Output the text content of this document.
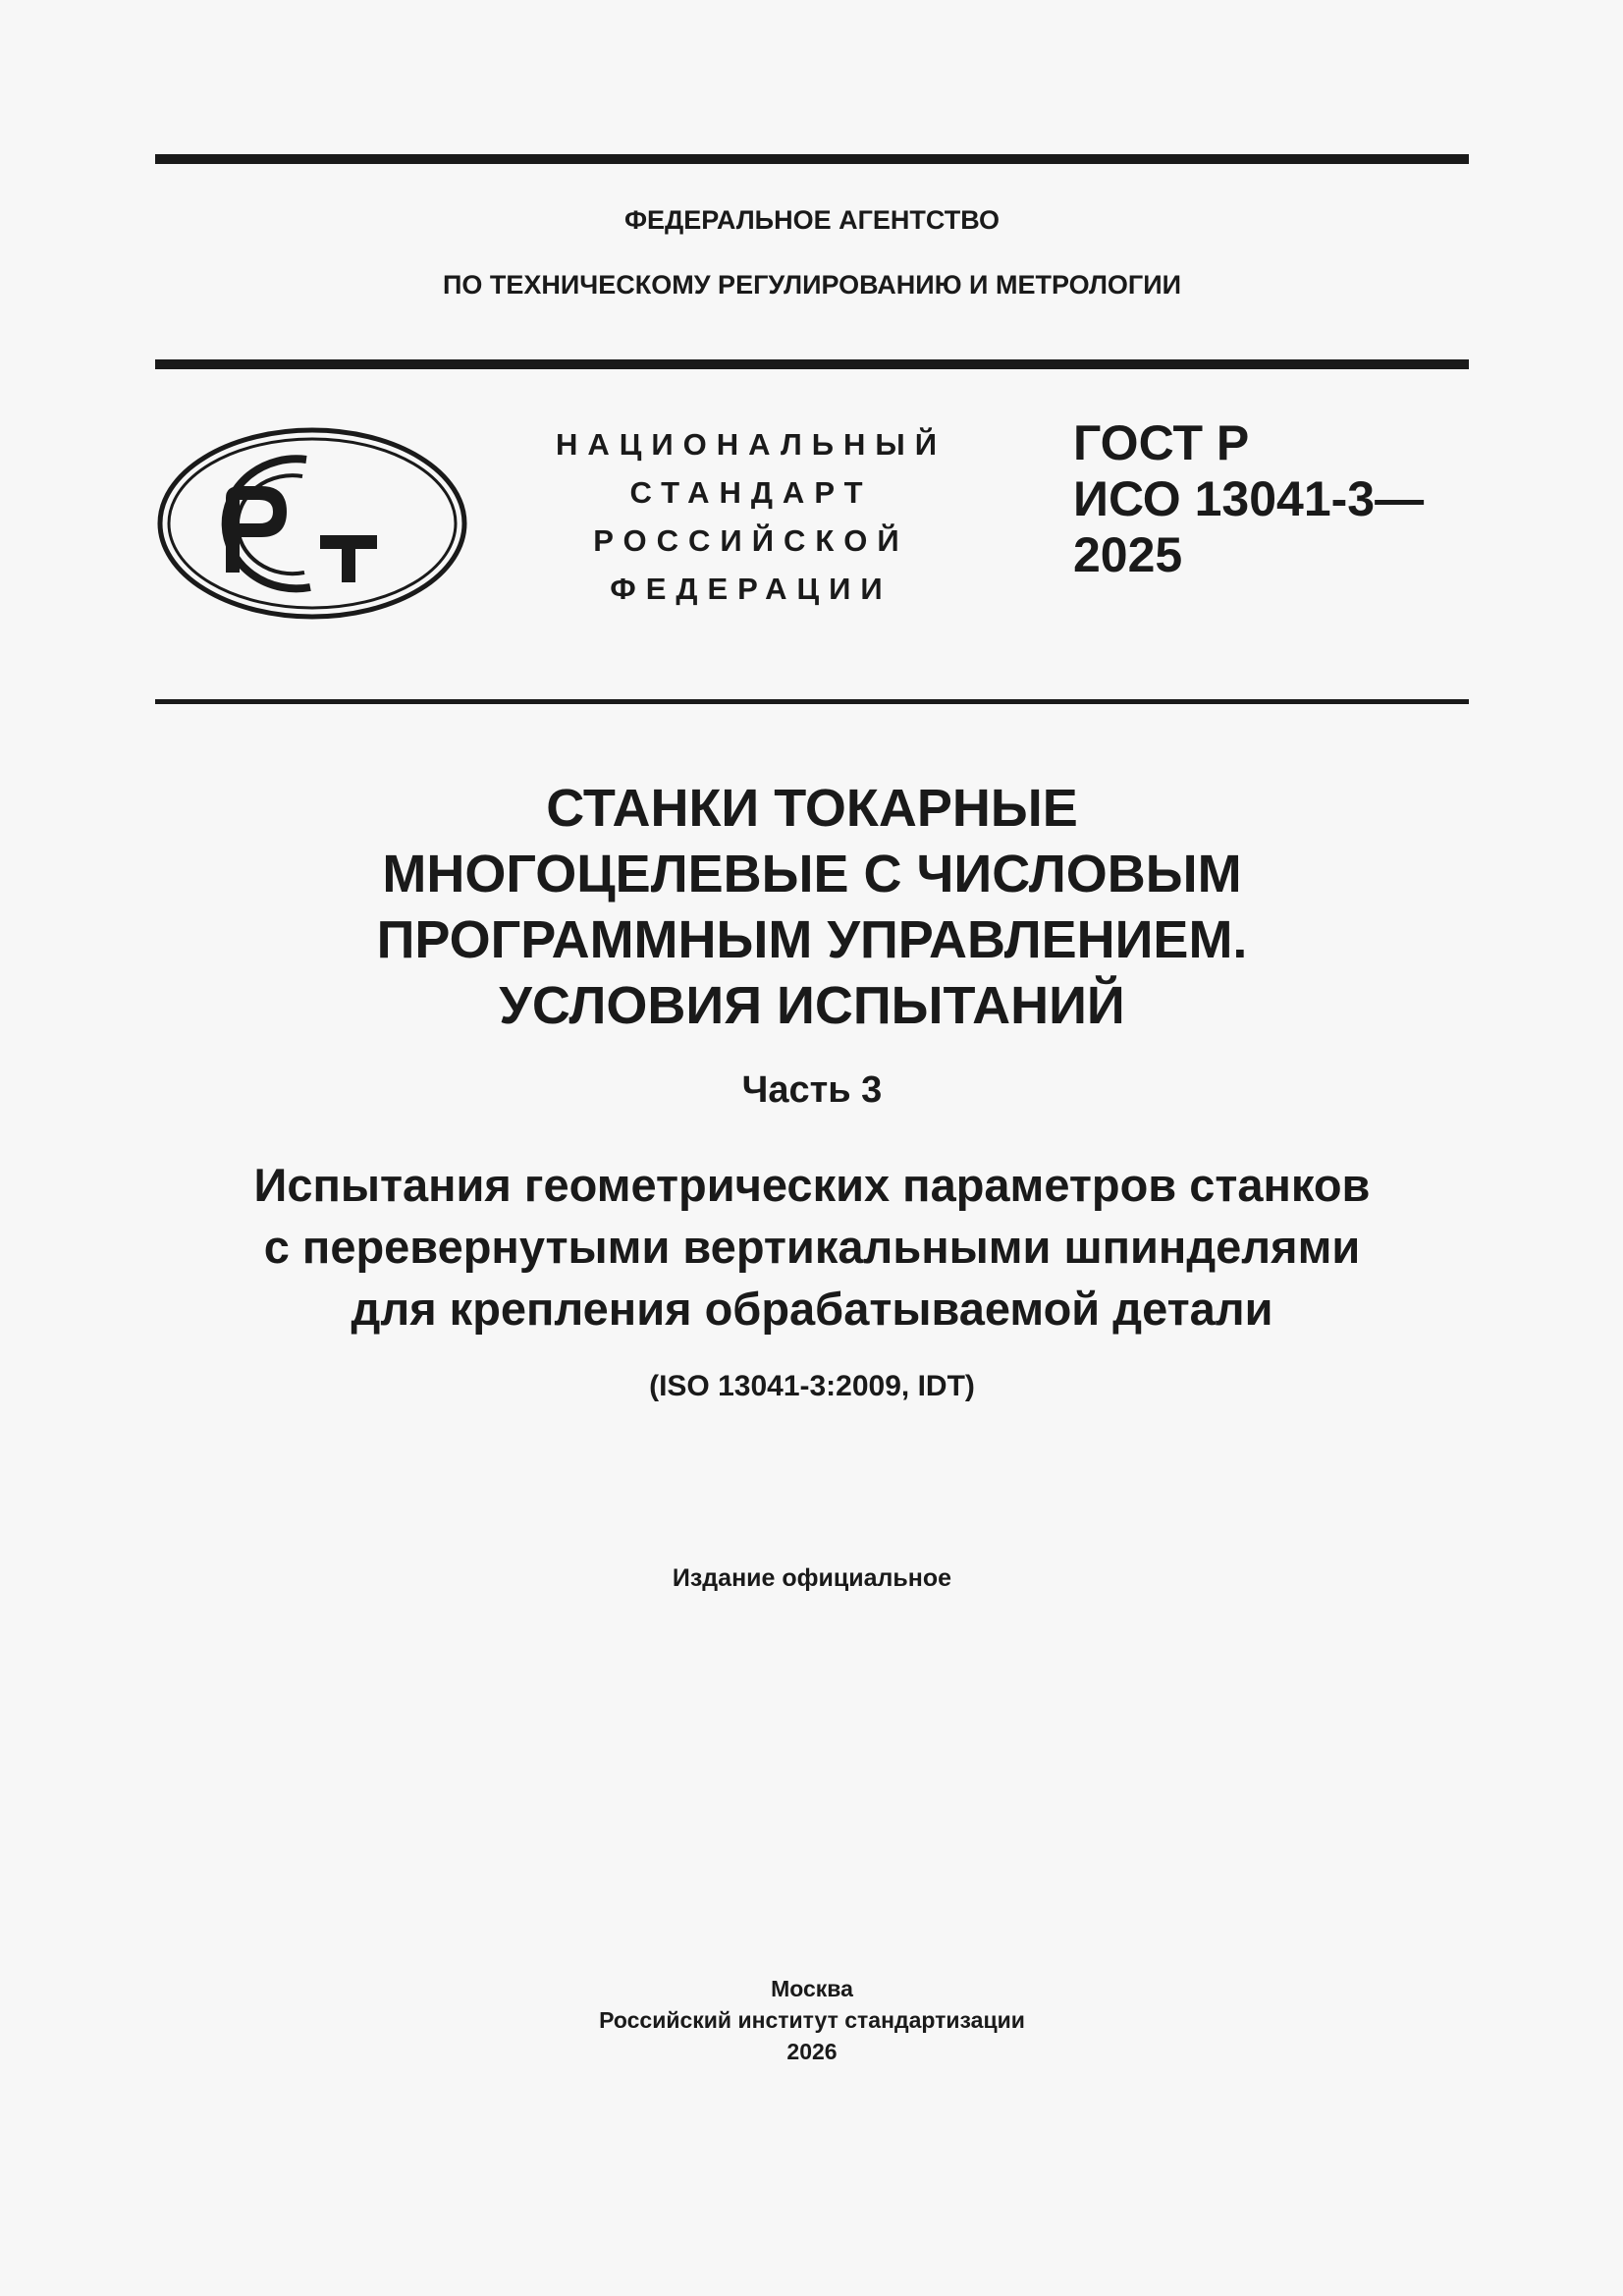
ФЕДЕРАЛЬНОЕ АГЕНТСТВО
ПО ТЕХНИЧЕСКОМУ РЕГУЛИРОВАНИЮ И МЕТРОЛОГИИ
НАЦИОНАЛЬНЫЙ
СТАНДАРТ
РОССИЙСКОЙ
ФЕДЕРАЦИИ
ГОСТ Р
ИСО 13041-3—
2025
СТАНКИ ТОКАРНЫЕ
МНОГОЦЕЛЕВЫЕ С ЧИСЛОВЫМ
ПРОГРАММНЫМ УПРАВЛЕНИЕМ.
УСЛОВИЯ ИСПЫТАНИЙ
Часть 3
Испытания геометрических параметров станков
с перевернутыми вертикальными шпинделями
для крепления обрабатываемой детали
(ISO 13041-3:2009, IDT)
Издание официальное
Москва
Российский институт стандартизации
2026
